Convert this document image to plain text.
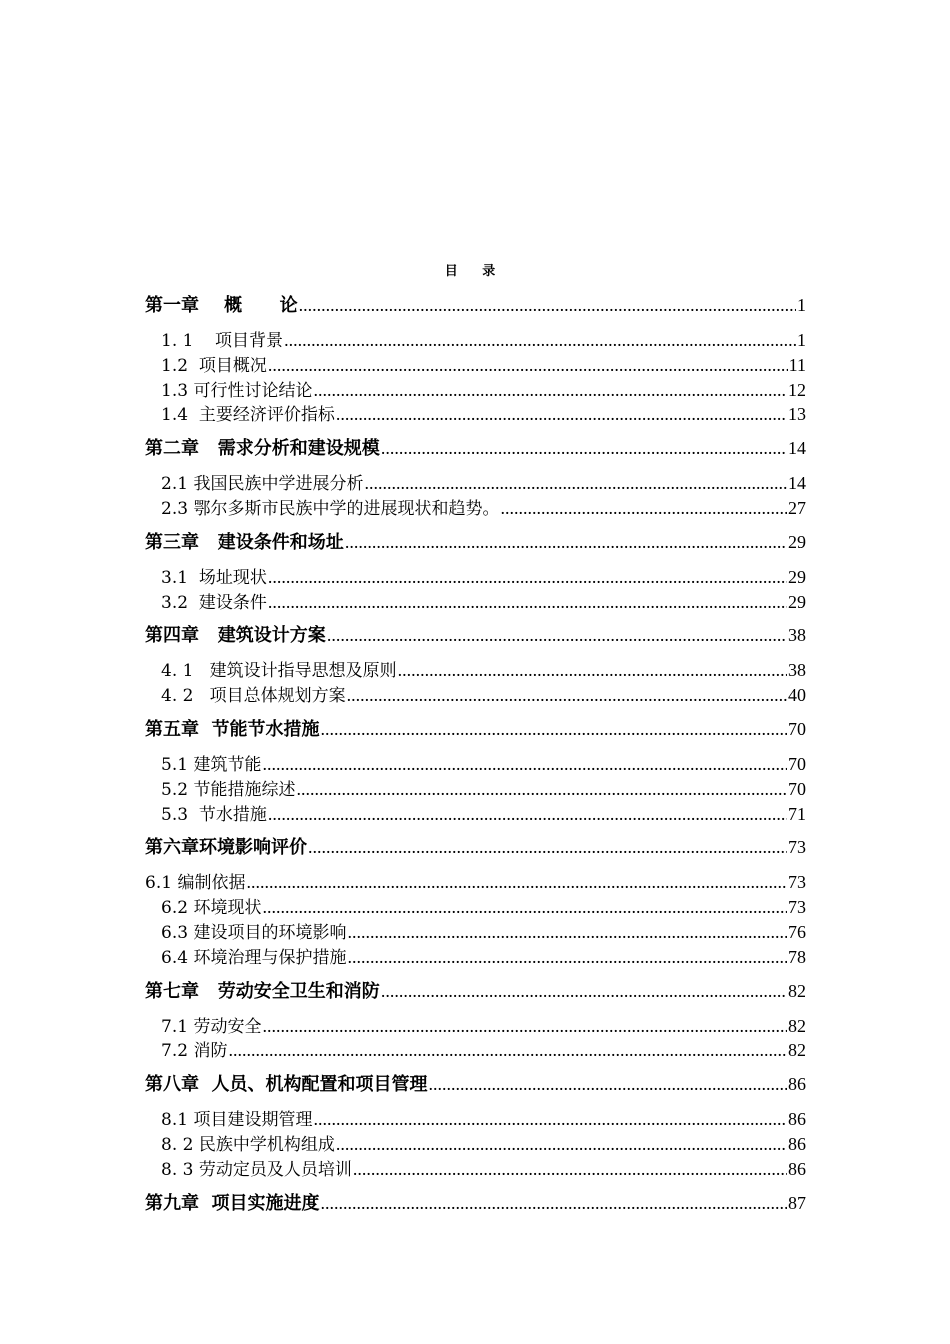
目 录
第一章    概      论 .....	1
1. 1    项目背景 .....	1
1.2  项目概况 .....	11
1.3 可行性讨论结论 .....	12
1.4  主要经济评价指标 .....	13
第二章   需求分析和建设规模 .....	14
2.1 我国民族中学进展分析 .....	14
2.3 鄂尔多斯市民族中学的进展现状和趋势。 .....	27
第三章   建设条件和场址 .....	29
3.1  场址现状 .....	29
3.2  建设条件 .....	29
第四章   建筑设计方案 .....	38
4. 1   建筑设计指导思想及原则 .....	38
4. 2   项目总体规划方案 .....	40
第五章  节能节水措施 .....	70
5.1 建筑节能 .....	70
5.2 节能措施综述 .....	70
5.3  节水措施 .....	71
第六章环境影响评价 .....	73
6.1 编制依据 .....	73
6.2 环境现状 .....	73
6.3 建设项目的环境影响 .....	76
6.4 环境治理与保护措施 .....	78
第七章   劳动安全卫生和消防 .....	82
7.1 劳动安全 .....	82
7.2 消防 .....	82
第八章  人员、机构配置和项目管理 .....	86
8.1 项目建设期管理 .....	86
8. 2 民族中学机构组成 .....	86
8. 3 劳动定员及人员培训 .....	86
第九章  项目实施进度 .....	87
